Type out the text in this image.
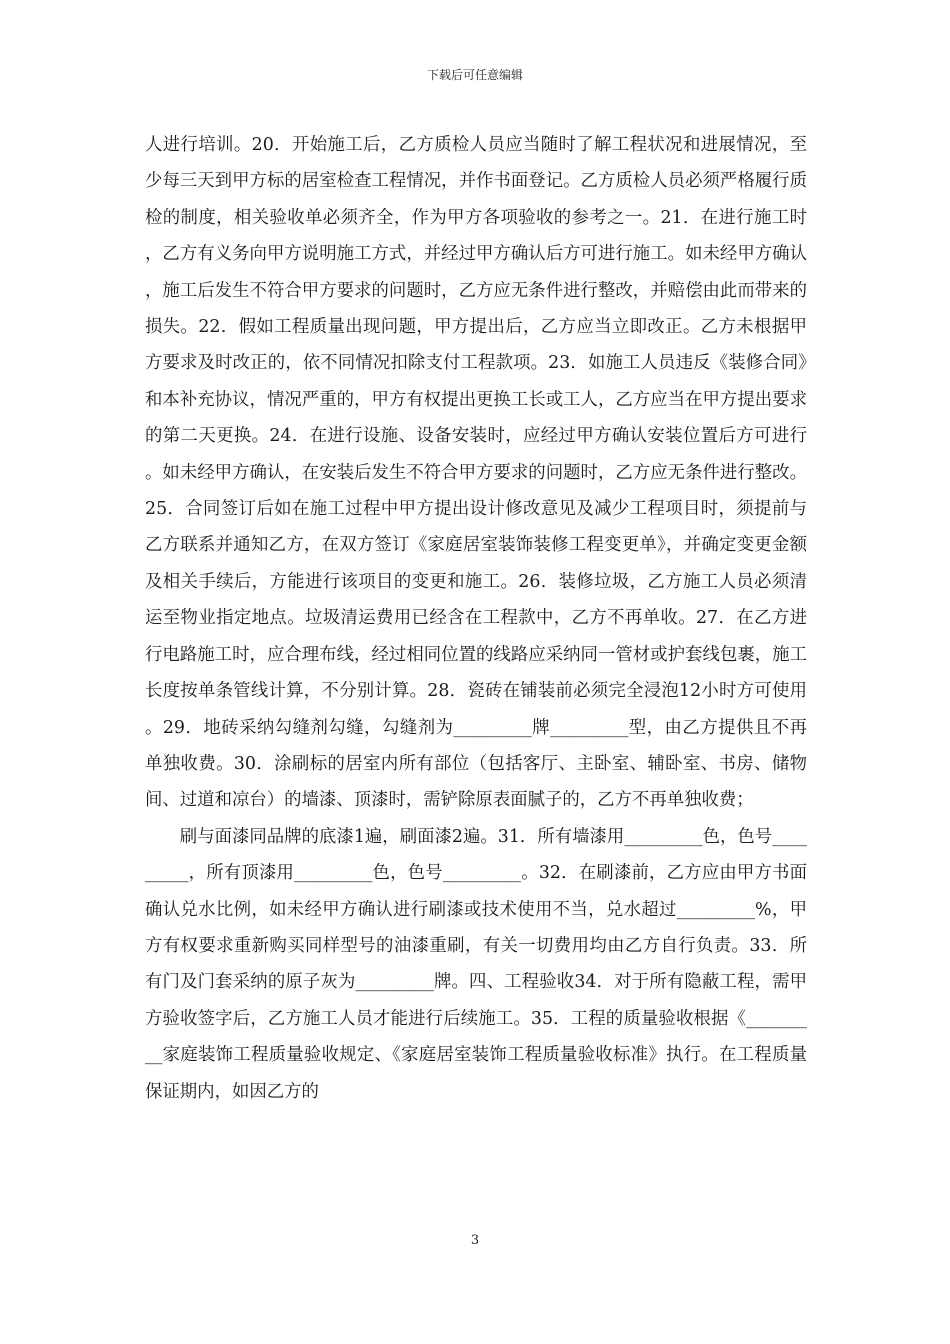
下载后可任意编辑

人进行培训。20．开始施工后，乙方质检人员应当随时了解工程状况和进展情况，至少每三天到甲方标的居室检查工程情况，并作书面登记。乙方质检人员必须严格履行质检的制度，相关验收单必须齐全，作为甲方各项验收的参考之一。21．在进行施工时，乙方有义务向甲方说明施工方式，并经过甲方确认后方可进行施工。如未经甲方确认，施工后发生不符合甲方要求的问题时，乙方应无条件进行整改，并赔偿由此而带来的损失。22．假如工程质量出现问题，甲方提出后，乙方应当立即改正。乙方未根据甲方要求及时改正的，依不同情况扣除支付工程款项。23．如施工人员违反《装修合同》和本补充协议，情况严重的，甲方有权提出更换工长或工人，乙方应当在甲方提出要求的第二天更换。24．在进行设施、设备安装时，应经过甲方确认安装位置后方可进行。如未经甲方确认，在安装后发生不符合甲方要求的问题时，乙方应无条件进行整改。25．合同签订后如在施工过程中甲方提出设计修改意见及减少工程项目时，须提前与乙方联系并通知乙方，在双方签订《家庭居室装饰装修工程变更单》，并确定变更金额及相关手续后，方能进行该项目的变更和施工。26．装修垃圾，乙方施工人员必须清运至物业指定地点。垃圾清运费用已经含在工程款中，乙方不再单收。27．在乙方进行电路施工时，应合理布线，经过相同位置的线路应采纳同一管材或护套线包裹，施工长度按单条管线计算，不分别计算。28．瓷砖在铺装前必须完全浸泡12小时方可使用。29．地砖采纳勾缝剂勾缝，勾缝剂为_________牌_________型，由乙方提供且不再单独收费。30．涂刷标的居室内所有部位（包括客厅、主卧室、辅卧室、书房、储物间、过道和凉台）的墙漆、顶漆时，需铲除原表面腻子的，乙方不再单独收费；

刷与面漆同品牌的底漆1遍，刷面漆2遍。31．所有墙漆用_________色，色号_________，所有顶漆用_________色，色号_________。32．在刷漆前，乙方应由甲方书面确认兑水比例，如未经甲方确认进行刷漆或技术使用不当，兑水超过_________%，甲方有权要求重新购买同样型号的油漆重刷，有关一切费用均由乙方自行负责。33．所有门及门套采纳的原子灰为_________牌。四、工程验收34．对于所有隐蔽工程，需甲方验收签字后，乙方施工人员才能进行后续施工。35．工程的质量验收根据《_________家庭装饰工程质量验收规定、《家庭居室装饰工程质量验收标准》执行。在工程质量保证期内，如因乙方的

3
